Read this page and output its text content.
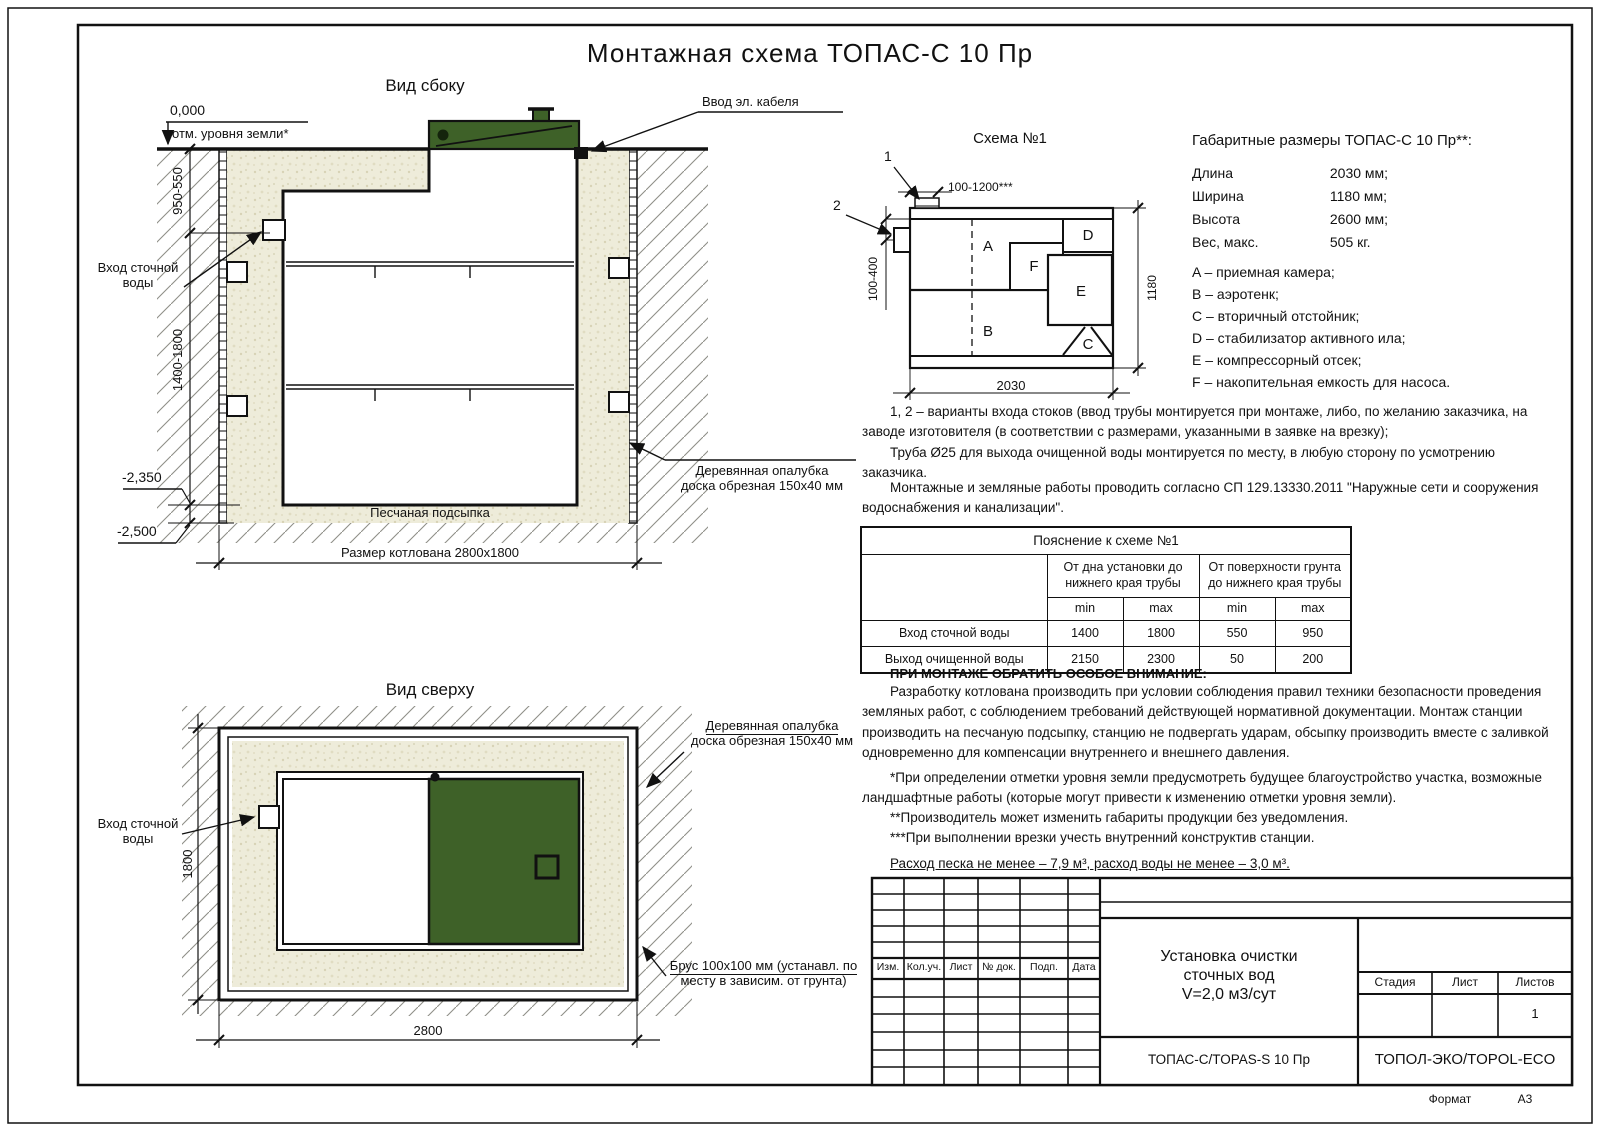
Монтажная схема ТОПАС-С 10 Пр
Вид сбоку
0,000
отм. уровня земли*
950-550
1400-1800
-2,350
-2,500
Вход сточной
воды
Ввод эл. кабеля
Песчаная подсыпка
Размер котлована 2800х1800
Деревянная опалубка
доска обрезная 150х40 мм
Вид сверху
Вход сточной
воды
1800
2800
Деревянная опалубка
доска обрезная 150х40 мм
Брус 100х100 мм (устанавл. по
месту в зависим. от грунта)
Схема №1
1
2
100-1200***
100-400	1180
2030
A
B
C
D
E
F
Габаритные размеры ТОПАС-С 10 Пр**:
Длина	2030 мм;
Ширина	1180 мм;
Высота	2600 мм;
Вес, макс.	505 кг.
A – приемная камера;
B – аэротенк;
C – вторичный отстойник;
D – стабилизатор активного ила;
E – компрессорный отсек;
F – накопительная емкость для насоса.

1, 2 – варианты входа стоков (ввод трубы монтируется при монтаже, либо, по желанию заказчика, на заводе изготовителя (в соответствии с размерами, указанными в заявке на врезку);

Труба Ø25 для выхода очищенной воды монтируется по месту, в любую сторону по усмотрению заказчика.

Монтажные и земляные работы проводить согласно СП 129.13330.2011 "Наружные сети и сооружения водоснабжения и канализации".

Пояснение к схеме №1				
	От дна установки до нижнего края трубы		От поверхности грунта до нижнего края трубы	
	min	max	min	max
Вход сточной воды	1400	1800	550	950
Выход очищенной воды	2150	2300	50	200
ПРИ МОНТАЖЕ ОБРАТИТЬ ОСОБОЕ ВНИМАНИЕ:

Разработку котлована производить при условии соблюдения правил техники безопасности проведения земляных работ, с соблюдением требований действующей нормативной документации. Монтаж станции производить на песчаную подсыпку, станцию не подвергать ударам, обсыпку производить вместе с заливкой одновременно для компенсации внутреннего и внешнего давления.

*При определении отметки уровня земли предусмотреть будущее благоустройство участка, возможные ландшафтные работы (которые могут привести к изменению отметки уровня земли).

**Производитель может изменить габариты продукции без уведомления.

***При выполнении врезки учесть внутренний конструктив станции.

Расход песка не менее – 7,9 м³, расход воды не менее – 3,0 м³.

Изм. Кол.уч. Лист № док.	Подп.	Дата
Установка очистки
сточных вод
V=2,0 м3/сут
Стадия	Лист	Листов
1
ТОПАС-С/TOPAS-S 10 Пр	ТОПОЛ-ЭКО/TOPOL-ECO
Формат	А3
